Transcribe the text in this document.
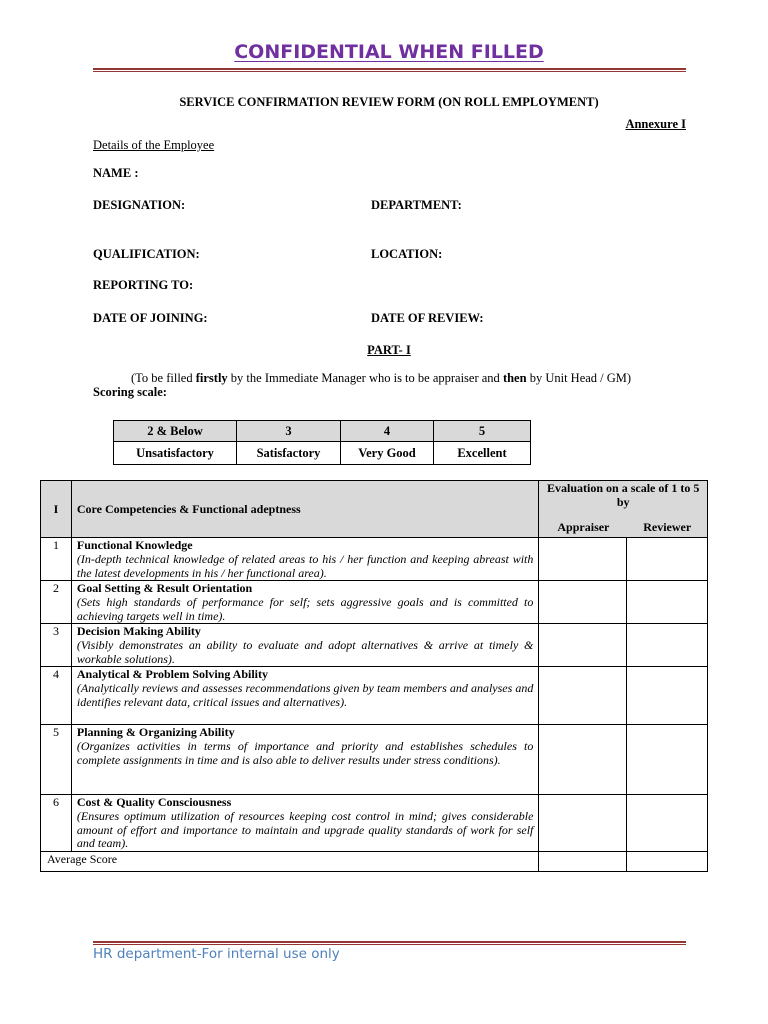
CONFIDENTIAL WHEN FILLED
SERVICE CONFIRMATION REVIEW FORM (ON ROLL EMPLOYMENT)
Annexure I
Details of the Employee
NAME :
DESIGNATION:	DEPARTMENT:
QUALIFICATION:	LOCATION:
REPORTING TO:
DATE OF JOINING:	DATE OF REVIEW:
PART- I
(To be filled firstly by the Immediate Manager who is to be appraiser and then by Unit Head / GM)
Scoring scale:
2 & Below	3	4	5
Unsatisfactory	Satisfactory	Very Good	Excellent
I	Core Competencies & Functional adeptness	Evaluation on a scale of 1 to 5 by
Appraiser Reviewer	

1	Functional Knowledge
(In-depth technical knowledge of related areas to his / her function and keeping abreast with the latest developments in his / her functional area).		

2	Goal Setting & Result Orientation
(Sets high standards of performance for self; sets aggressive goals and is committed to achieving targets well in time).		

3	Decision Making Ability
(Visibly demonstrates an ability to evaluate and adopt alternatives & arrive at timely & workable solutions).		

4	Analytical & Problem Solving Ability
(Analytically reviews and assesses recommendations given by team members and analyses and identifies relevant data, critical issues and alternatives).		

5	Planning & Organizing Ability
(Organizes activities in terms of importance and priority and establishes schedules to complete assignments in time and is also able to deliver results under stress conditions).		

6	Cost & Quality Consciousness
(Ensures optimum utilization of resources keeping cost control in mind; gives considerable amount of effort and importance to maintain and upgrade quality standards of work for self and team).		

Average Score			
HR department-For internal use only
